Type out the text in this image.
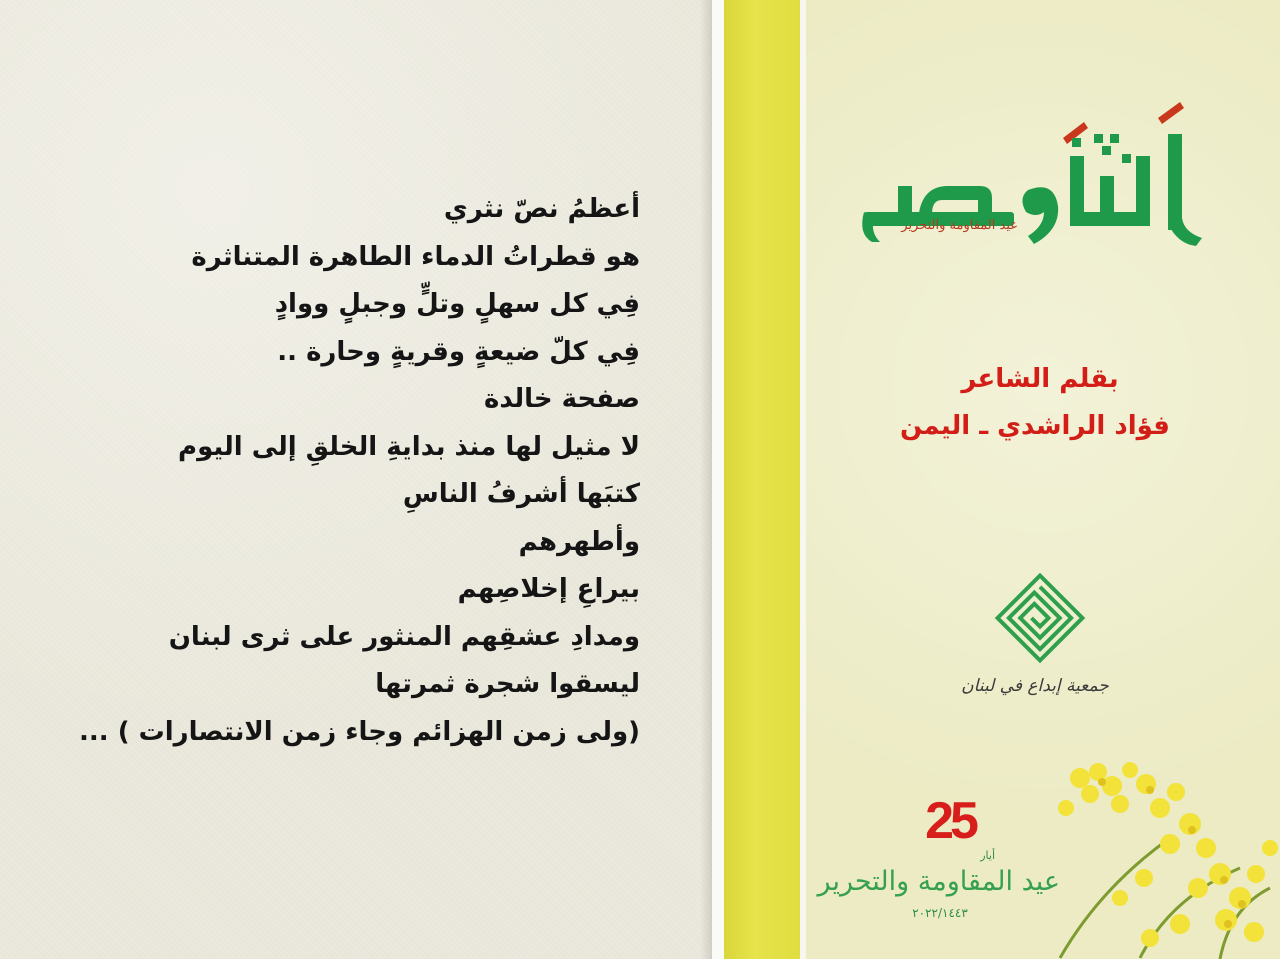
أعظمُ نصّ نثري
هو قطراتُ الدماء الطاهرة المتناثرة
فِي كل سهلٍ وتلٍّ وجبلٍ ووادٍ
فِي كلّ ضيعةٍ وقريةٍ وحارة ..
صفحة خالدة
لا مثيل لها منذ بدايةِ الخلقِ إلى اليوم
كتبَها أشرفُ الناسِ
وأطهرهم
بيراعِ إخلاصِهم
ومدادِ عشقِهم المنثور على ثرى لبنان
ليسقوا شجرة ثمرتها
(ولى زمن الهزائم وجاء زمن الانتصارات ) ...
عيد المقاومة والتحرير
بقلم الشاعر
فؤاد الراشدي ـ اليمن
جمعية إبداع في لبنان
25
أيار
عيد المقاومة والتحرير
٢٠٢٢/١٤٤٣
